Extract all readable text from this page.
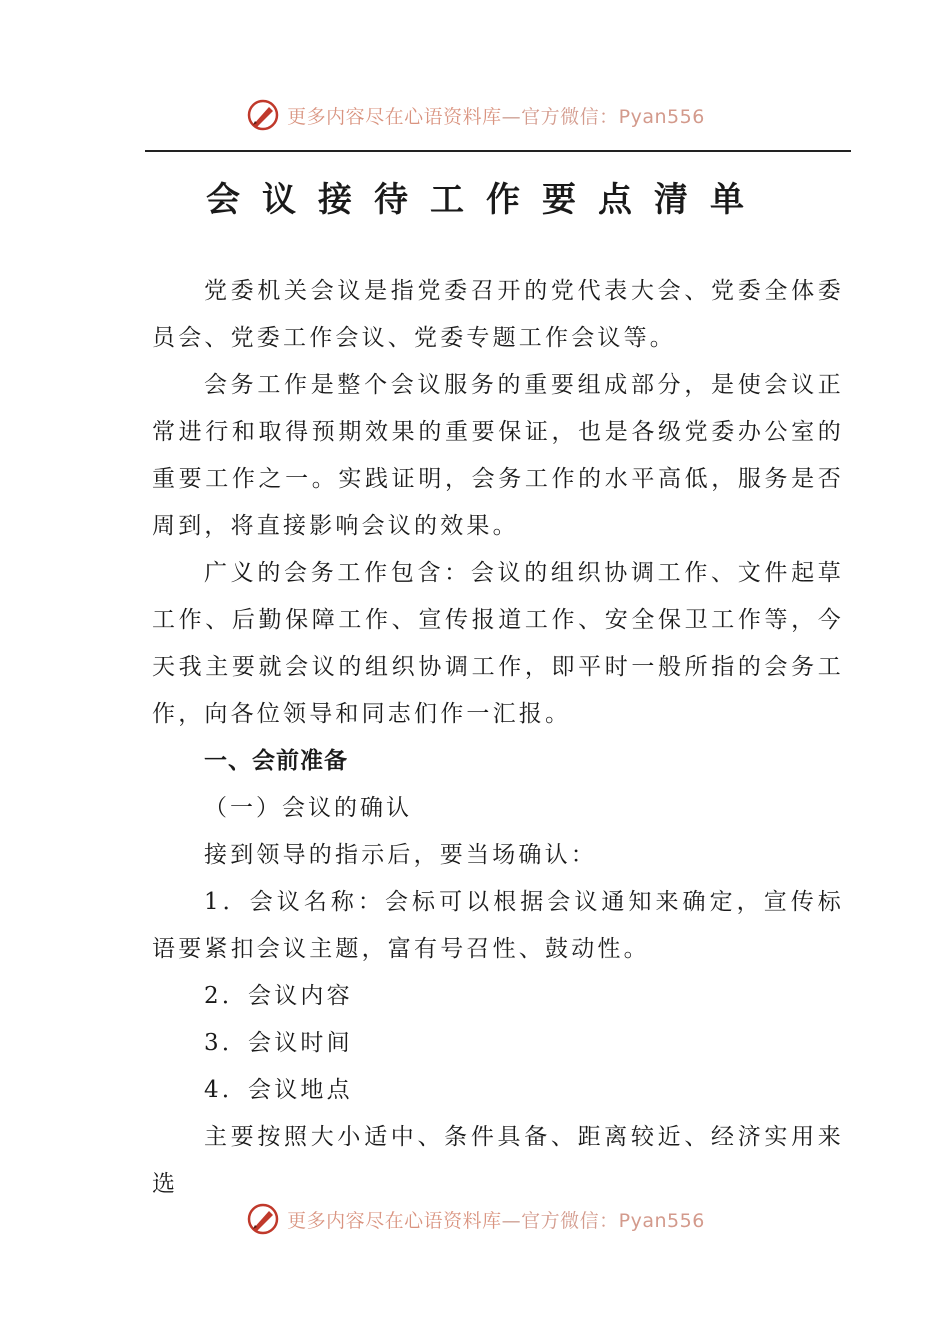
更多内容尽在心语资料库—官方微信：Pyan556
会议接待工作要点清单

党委机关会议是指党委召开的党代表大会、党委全体委员会、党委工作会议、党委专题工作会议等。

会务工作是整个会议服务的重要组成部分，是使会议正常进行和取得预期效果的重要保证，也是各级党委办公室的重要工作之一。实践证明，会务工作的水平高低，服务是否周到，将直接影响会议的效果。

广义的会务工作包含：会议的组织协调工作、文件起草工作、后勤保障工作、宣传报道工作、安全保卫工作等，今天我主要就会议的组织协调工作，即平时一般所指的会务工作，向各位领导和同志们作一汇报。

一、会前准备

（一）会议的确认

接到领导的指示后，要当场确认：

1．会议名称：会标可以根据会议通知来确定，宣传标语要紧扣会议主题，富有号召性、鼓动性。

2．会议内容

3．会议时间

4．会议地点

主要按照大小适中、条件具备、距离较近、经济实用来选

更多内容尽在心语资料库—官方微信：Pyan556
